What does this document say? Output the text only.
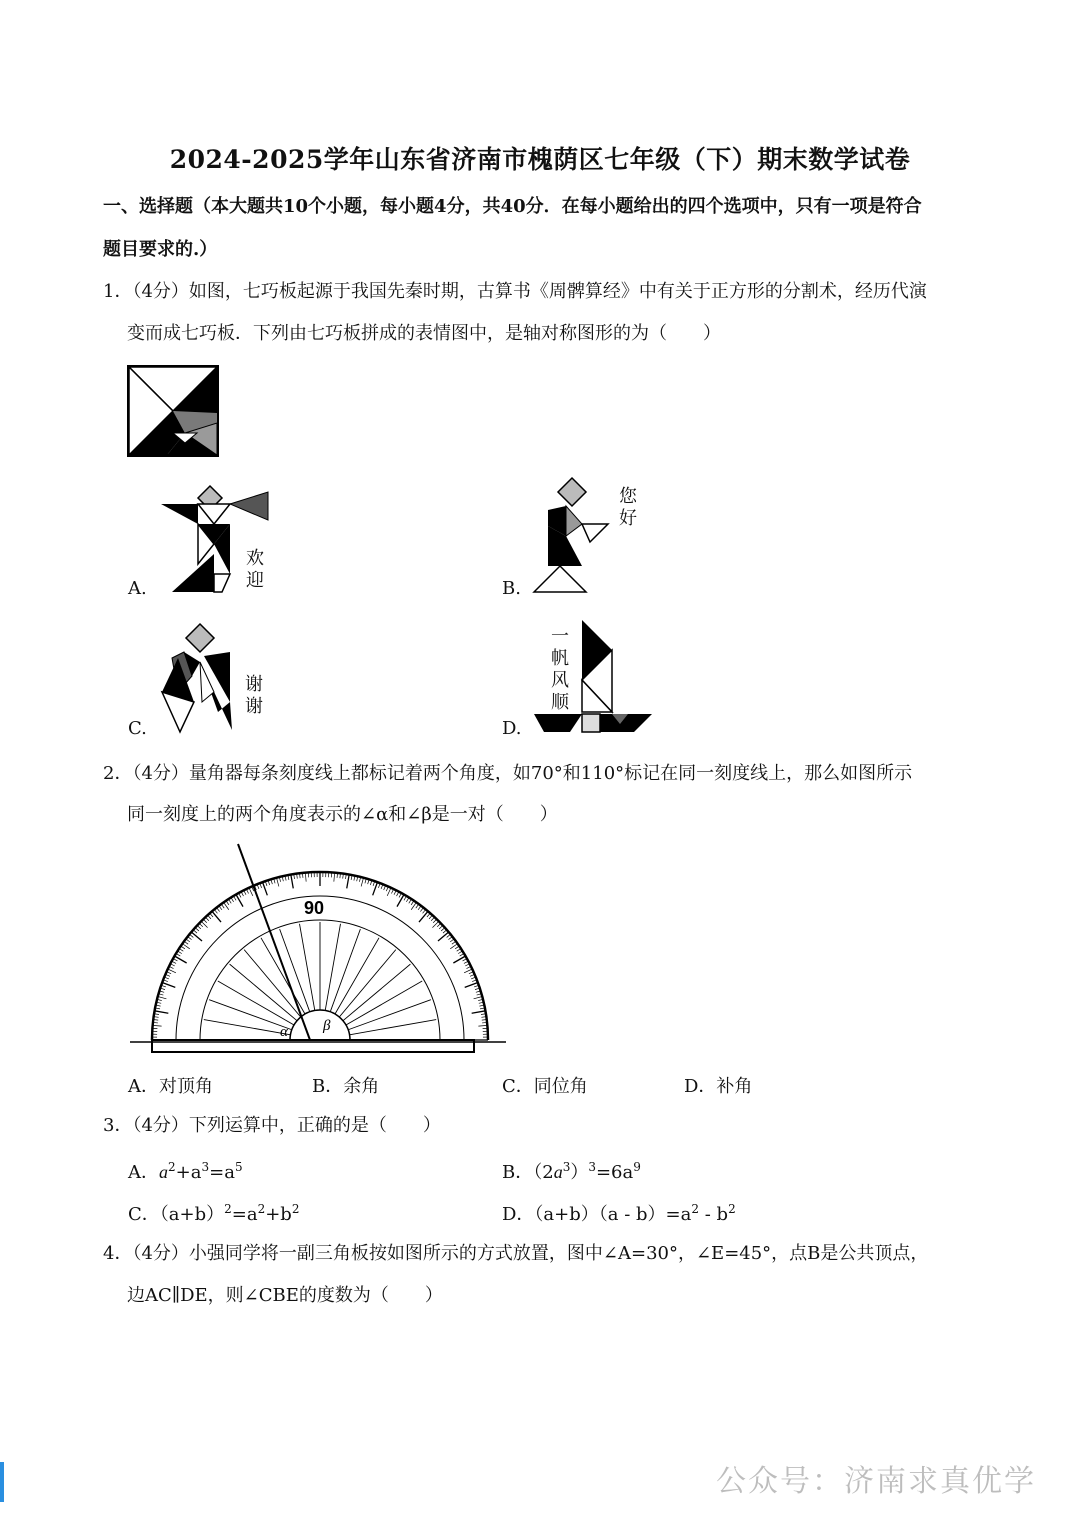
2024-2025学年山东省济南市槐荫区七年级（下）期末数学试卷
一、选择题（本大题共10个小题，每小题4分，共40分．在每小题给出的四个选项中，只有一项是符合
题目要求的.）
1．（4分）如图，七巧板起源于我国先秦时期，古算书《周髀算经》中有关于正方形的分割术，经历代演
变而成七巧板．下列由七巧板拼成的表情图中，是轴对称图形的为（　　）
欢
迎
A.
您
好
B.
谢
谢
C.
一
帆
风
顺
D.
2．（4分）量角器每条刻度线上都标记着两个角度，如70°和110°标记在同一刻度线上，那么如图所示
同一刻度上的两个角度表示的∠α和∠β是一对（　　）
90
α β
A．对顶角	B．余角	C．同位角	D．补角
3．（4分）下列运算中，正确的是（　　）
A．$a^2+a^3=a^5$	B．$(2a^3)^3=6a^9$
C．$(a+b)^2=a^2+b^2$	D．$(a+b)(a - b)=a^2 - b^2$
4．（4分）小强同学将一副三角板按如图所示的方式放置，图中∠A=30°，∠E=45°，点B是公共顶点，
边AC∥DE，则∠CBE的度数为（　　）
公众号：济南求真优学
